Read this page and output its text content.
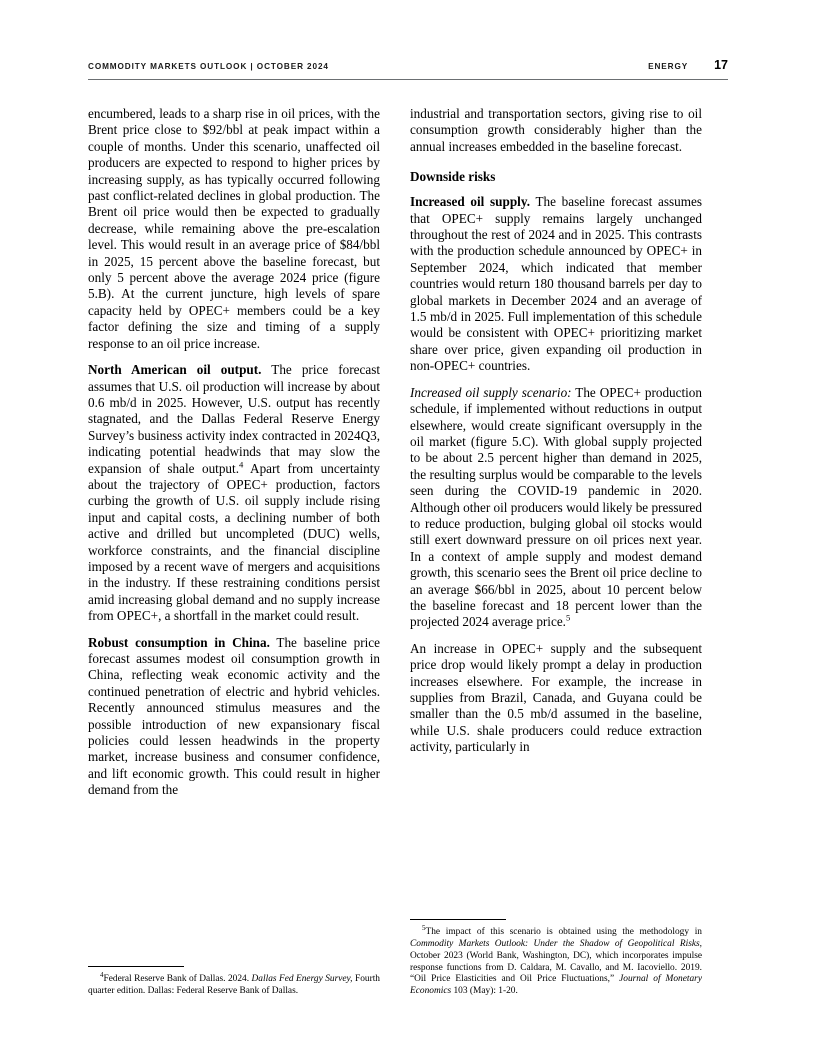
COMMODITY MARKETS OUTLOOK | OCTOBER 2024	ENERGY 17

encumbered, leads to a sharp rise in oil prices, with the Brent price close to $92/bbl at peak impact within a couple of months. Under this scenario, unaffected oil producers are expected to respond to higher prices by increasing supply, as has typically occurred following past conflict-related declines in global production. The Brent oil price would then be expected to gradually decrease, while remaining above the pre-escalation level. This would result in an average price of $84/bbl in 2025, 15 percent above the baseline forecast, but only 5 percent above the average 2024 price (figure 5.B). At the current juncture, high levels of spare capacity held by OPEC+ members could be a key factor defining the size and timing of a supply response to an oil price increase.

North American oil output. The price forecast assumes that U.S. oil production will increase by about 0.6 mb/d in 2025. However, U.S. output has recently stagnated, and the Dallas Federal Reserve Energy Survey’s business activity index contracted in 2024Q3, indicating potential headwinds that may slow the expansion of shale output.$^4$ Apart from uncertainty about the trajectory of OPEC+ production, factors curbing the growth of U.S. oil supply include rising input and capital costs, a declining number of both active and drilled but uncompleted (DUC) wells, workforce constraints, and the financial discipline imposed by a recent wave of mergers and acquisitions in the industry. If these restraining conditions persist amid increasing global demand and no supply increase from OPEC+, a shortfall in the market could result.

Robust consumption in China. The baseline price forecast assumes modest oil consumption growth in China, reflecting weak economic activity and the continued penetration of electric and hybrid vehicles. Recently announced stimulus measures and the possible introduction of new expansionary fiscal policies could lessen headwinds in the property market, increase business and consumer confidence, and lift economic growth. This could result in higher demand from the

$^4$Federal Reserve Bank of Dallas. 2024. Dallas Fed Energy Survey, Fourth quarter edition. Dallas: Federal Reserve Bank of Dallas.

industrial and transportation sectors, giving rise to oil consumption growth considerably higher than the annual increases embedded in the baseline forecast.

Downside risks

Increased oil supply. The baseline forecast assumes that OPEC+ supply remains largely unchanged throughout the rest of 2024 and in 2025. This contrasts with the production schedule announced by OPEC+ in September 2024, which indicated that member countries would return 180 thousand barrels per day to global markets in December 2024 and an average of 1.5 mb/d in 2025. Full implementation of this schedule would be consistent with OPEC+ prioritizing market share over price, given expanding oil production in non-OPEC+ countries.

Increased oil supply scenario: The OPEC+ production schedule, if implemented without reductions in output elsewhere, would create significant oversupply in the oil market (figure 5.C). With global supply projected to be about 2.5 percent higher than demand in 2025, the resulting surplus would be comparable to the levels seen during the COVID-19 pandemic in 2020. Although other oil producers would likely be pressured to reduce production, bulging global oil stocks would still exert downward pressure on oil prices next year. In a context of ample supply and modest demand growth, this scenario sees the Brent oil price decline to an average $66/bbl in 2025, about 10 percent below the baseline forecast and 18 percent lower than the projected 2024 average price.$^5$

An increase in OPEC+ supply and the subsequent price drop would likely prompt a delay in production increases elsewhere. For example, the increase in supplies from Brazil, Canada, and Guyana could be smaller than the 0.5 mb/d assumed in the baseline, while U.S. shale producers could reduce extraction activity, particularly in

$^5$The impact of this scenario is obtained using the methodology in Commodity Markets Outlook: Under the Shadow of Geopolitical Risks, October 2023 (World Bank, Washington, DC), which incorporates impulse response functions from D. Caldara, M. Cavallo, and M. Iacoviello. 2019. “Oil Price Elasticities and Oil Price Fluctuations,” Journal of Monetary Economics 103 (May): 1-20.
